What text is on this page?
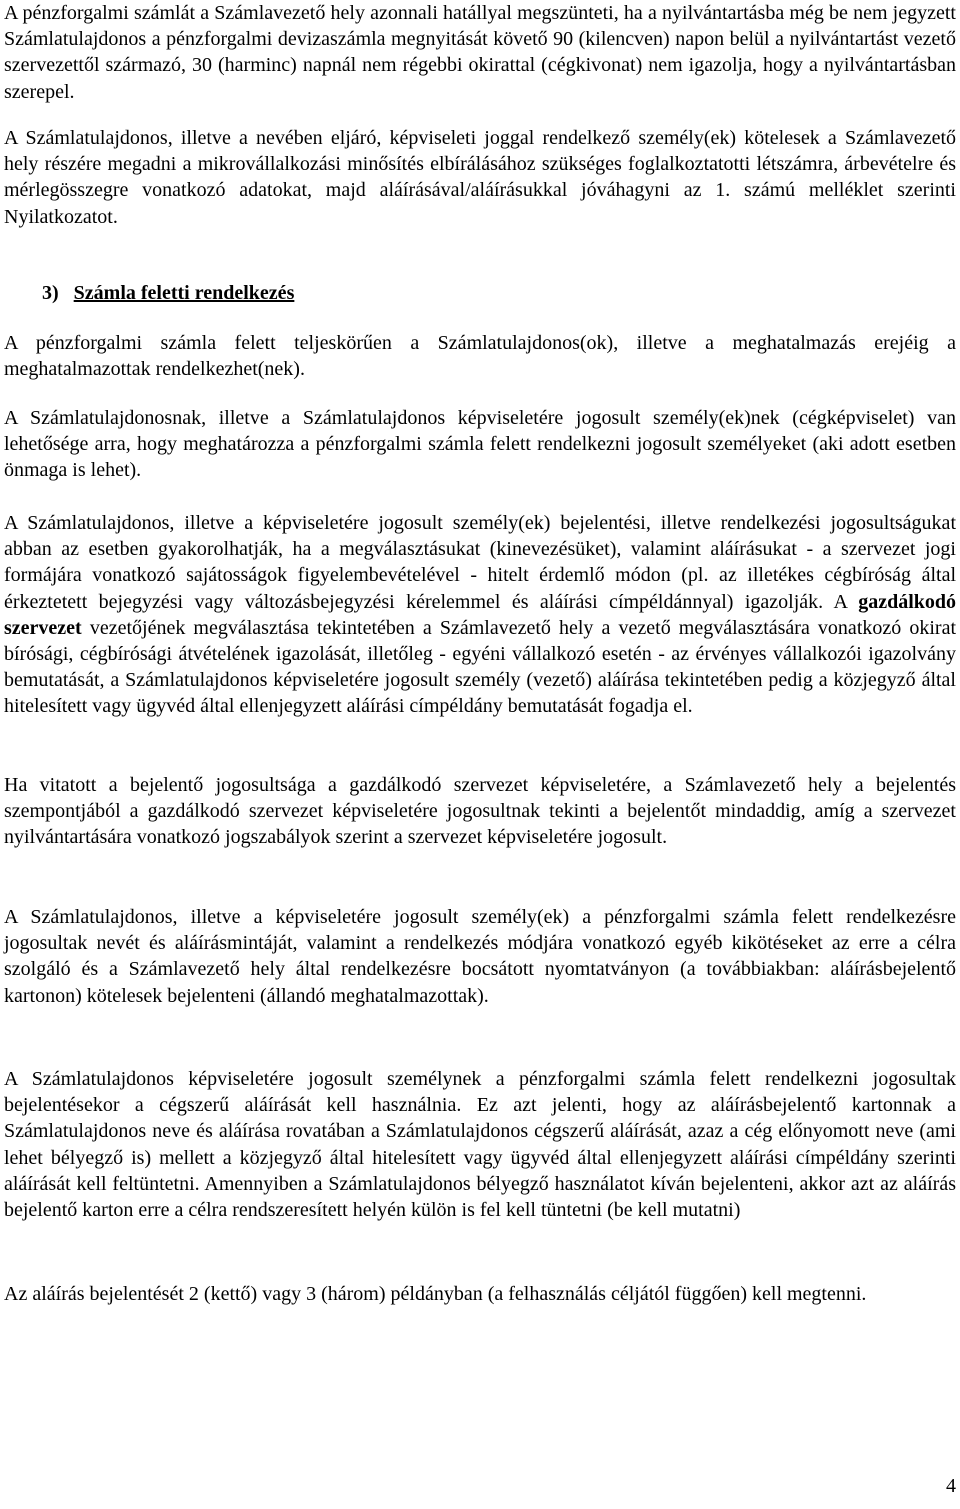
A pénzforgalmi számlát a Számlavezető hely azonnali hatállyal megszünteti, ha a nyilvántartásba még be nem jegyzett Számlatulajdonos a pénzforgalmi devizaszámla megnyitását követő 90 (kilencven) napon belül a nyilvántartást vezető szervezettől származó, 30 (harminc) napnál nem régebbi okirattal (cégkivonat) nem igazolja, hogy a nyilvántartásban szerepel.

A Számlatulajdonos, illetve a nevében eljáró, képviseleti joggal rendelkező személy(ek) kötelesek a Számlavezető hely részére megadni a mikrovállalkozási minősítés elbírálásához szükséges foglalkoztatotti létszámra, árbevételre és mérlegösszegre vonatkozó adatokat, majd aláírásával/aláírásukkal jóváhagyni az 1. számú melléklet szerinti Nyilatkozatot.

3) Számla feletti rendelkezés

A pénzforgalmi számla felett teljeskörűen a Számlatulajdonos(ok), illetve a meghatalmazás erejéig a meghatalmazottak rendelkezhet(nek).

A Számlatulajdonosnak, illetve a Számlatulajdonos képviseletére jogosult személy(ek)nek (cégképviselet) van lehetősége arra, hogy meghatározza a pénzforgalmi számla felett rendelkezni jogosult személyeket (aki adott esetben önmaga is lehet).

A Számlatulajdonos, illetve a képviseletére jogosult személy(ek) bejelentési, illetve rendelkezési jogosultságukat abban az esetben gyakorolhatják, ha a megválasztásukat (kinevezésüket), valamint aláírásukat - a szervezet jogi formájára vonatkozó sajátosságok figyelembevételével - hitelt érdemlő módon (pl. az illetékes cégbíróság által érkeztetett bejegyzési vagy változásbejegyzési kérelemmel és aláírási címpéldánnyal) igazolják. A gazdálkodó szervezet vezetőjének megválasztása tekintetében a Számlavezető hely a vezető megválasztására vonatkozó okirat bírósági, cégbírósági átvételének igazolását, illetőleg - egyéni vállalkozó esetén - az érvényes vállalkozói igazolvány bemutatását, a Számlatulajdonos képviseletére jogosult személy (vezető) aláírása tekintetében pedig a közjegyző által hitelesített vagy ügyvéd által ellenjegyzett aláírási címpéldány bemutatását fogadja el.

Ha vitatott a bejelentő jogosultsága a gazdálkodó szervezet képviseletére, a Számlavezető hely a bejelentés szempontjából a gazdálkodó szervezet képviseletére jogosultnak tekinti a bejelentőt mindaddig, amíg a szervezet nyilvántartására vonatkozó jogszabályok szerint a szervezet képviseletére jogosult.

A Számlatulajdonos, illetve a képviseletére jogosult személy(ek) a pénzforgalmi számla felett rendelkezésre jogosultak nevét és aláírásmintáját, valamint a rendelkezés módjára vonatkozó egyéb kikötéseket az erre a célra szolgáló és a Számlavezető hely által rendelkezésre bocsátott nyomtatványon (a továbbiakban: aláírásbejelentő kartonon) kötelesek bejelenteni (állandó meghatalmazottak).

A Számlatulajdonos képviseletére jogosult személynek a pénzforgalmi számla felett rendelkezni jogosultak bejelentésekor a cégszerű aláírását kell használnia. Ez azt jelenti, hogy az aláírásbejelentő kartonnak a Számlatulajdonos neve és aláírása rovatában a Számlatulajdonos cégszerű aláírását, azaz a cég előnyomott neve (ami lehet bélyegző is) mellett a közjegyző által hitelesített vagy ügyvéd által ellenjegyzett aláírási címpéldány szerinti aláírását kell feltüntetni. Amennyiben a Számlatulajdonos bélyegző használatot kíván bejelenteni, akkor azt az aláírás bejelentő karton erre a célra rendszeresített helyén külön is fel kell tüntetni (be kell mutatni)

Az aláírás bejelentését 2 (kettő) vagy 3 (három) példányban (a felhasználás céljától függően) kell megtenni.

4
